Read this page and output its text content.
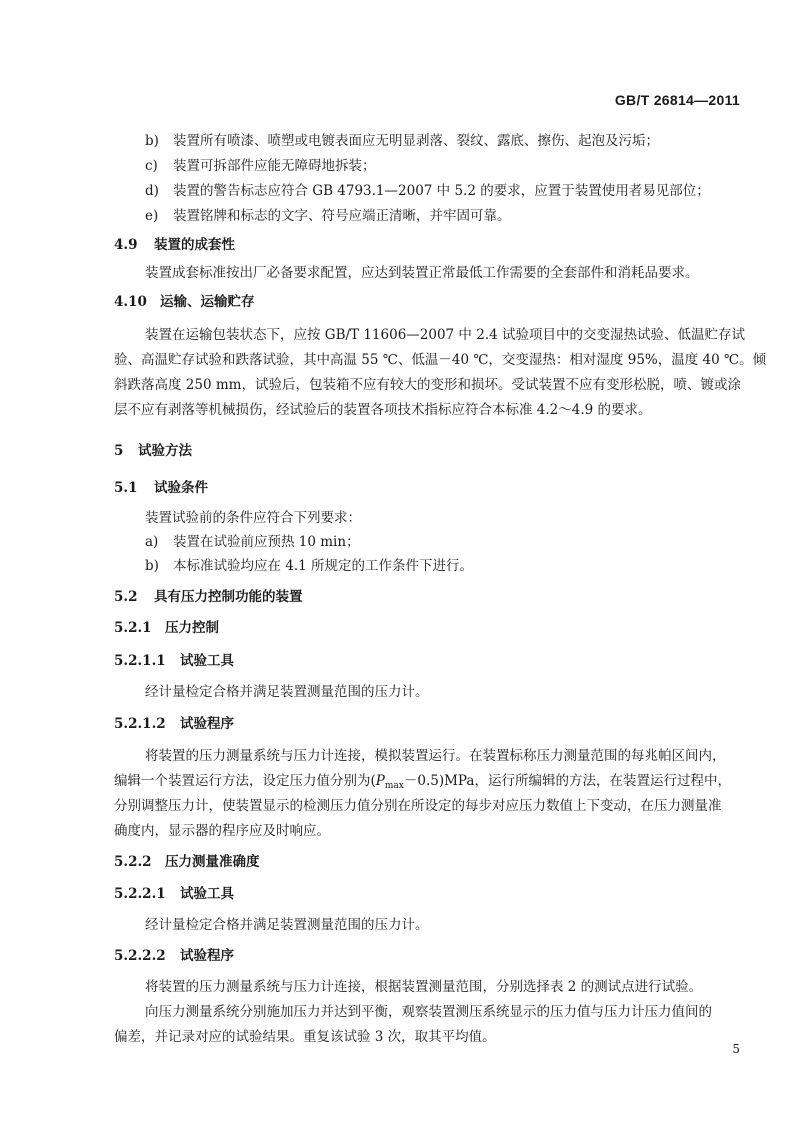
GB/T 26814—2011
b) 装置所有喷漆、喷塑或电镀表面应无明显剥落、裂纹、露底、擦伤、起泡及污垢；
c) 装置可拆部件应能无障碍地拆装；
d) 装置的警告标志应符合 GB 4793.1—2007 中 5.2 的要求，应置于装置使用者易见部位；
e) 装置铭牌和标志的文字、符号应端正清晰，并牢固可靠。
4.9 装置的成套性
装置成套标准按出厂必备要求配置，应达到装置正常最低工作需要的全套部件和消耗品要求。
4.10 运输、运输贮存
装置在运输包装状态下，应按 GB/T 11606—2007 中 2.4 试验项目中的交变湿热试验、低温贮存试
验、高温贮存试验和跌落试验，其中高温 55 ℃、低温－40 ℃，交变湿热：相对湿度 95%，温度 40 ℃。倾
斜跌落高度 250 mm，试验后，包装箱不应有较大的变形和损坏。受试装置不应有变形松脱，喷、镀或涂
层不应有剥落等机械损伤，经试验后的装置各项技术指标应符合本标准 4.2～4.9 的要求。
5 试验方法
5.1 试验条件
装置试验前的条件应符合下列要求：
a) 装置在试验前应预热 10 min；
b) 本标准试验均应在 4.1 所规定的工作条件下进行。
5.2 具有压力控制功能的装置
5.2.1 压力控制
5.2.1.1 试验工具
经计量检定合格并满足装置测量范围的压力计。
5.2.1.2 试验程序
将装置的压力测量系统与压力计连接，模拟装置运行。在装置标称压力测量范围的每兆帕区间内，
编辑一个装置运行方法，设定压力值分别为$(P_{max}-0.5)MPa$，运行所编辑的方法，在装置运行过程中，
分别调整压力计，使装置显示的检测压力值分别在所设定的每步对应压力数值上下变动，在压力测量准
确度内，显示器的程序应及时响应。
5.2.2 压力测量准确度
5.2.2.1 试验工具
经计量检定合格并满足装置测量范围的压力计。
5.2.2.2 试验程序
将装置的压力测量系统与压力计连接，根据装置测量范围，分别选择表 2 的测试点进行试验。
向压力测量系统分别施加压力并达到平衡，观察装置测压系统显示的压力值与压力计压力值间的
偏差，并记录对应的试验结果。重复该试验 3 次，取其平均值。
5
